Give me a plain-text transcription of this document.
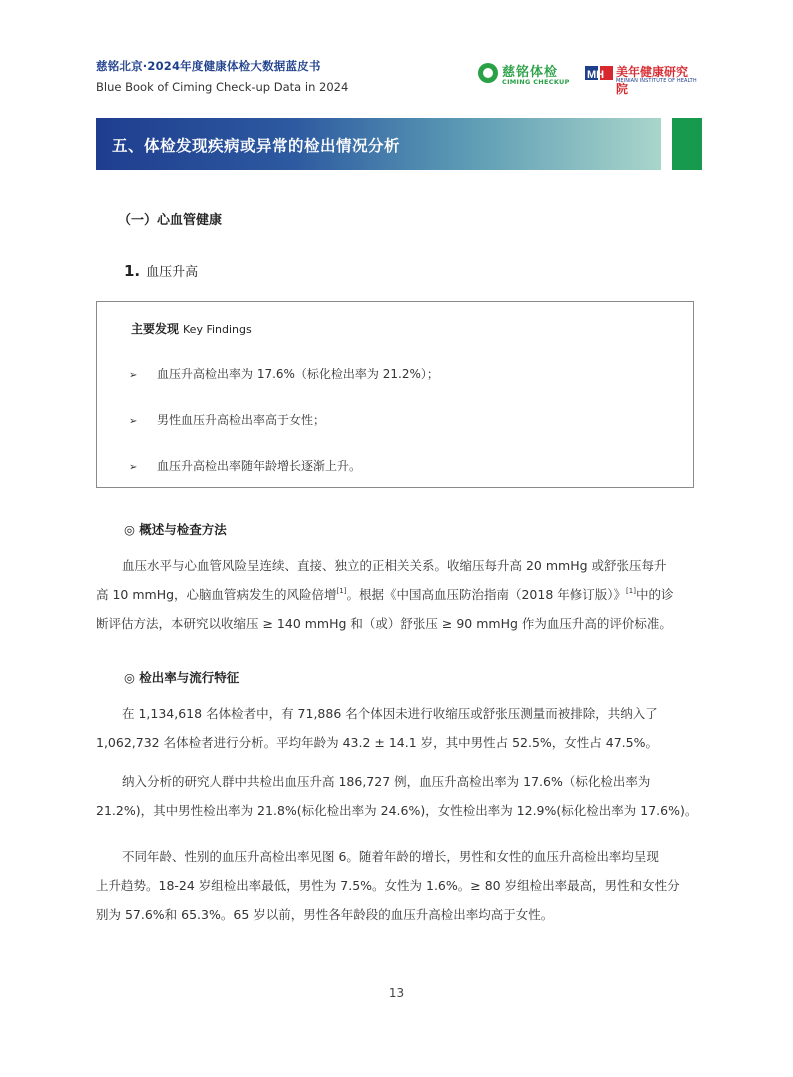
慈铭北京·2024年度健康体检大数据蓝皮书
Blue Book of Ciming Check-up Data in 2024
慈铭体检
CIMING CHECKUP
MH 美年健康研究院
MEINIAN INSTITUTE OF HEALTH
五、体检发现疾病或异常的检出情况分析
（一）心血管健康
1. 血压升高
主要发现 Key Findings
➢ 血压升高检出率为 17.6%（标化检出率为 21.2%）；
➢ 男性血压升高检出率高于女性；
➢ 血压升高检出率随年龄增长逐渐上升。
◎ 概述与检查方法
血压水平与心血管风险呈连续、直接、独立的正相关关系。收缩压每升高 20 mmHg 或舒张压每升
高 10 mmHg，心脑血管病发生的风险倍增[1]。根据《中国高血压防治指南（2018 年修订版）》[1]中的诊
断评估方法，本研究以收缩压 ≥ 140 mmHg 和（或）舒张压 ≥ 90 mmHg 作为血压升高的评价标准。
◎ 检出率与流行特征
在 1,134,618 名体检者中，有 71,886 名个体因未进行收缩压或舒张压测量而被排除，共纳入了
1,062,732 名体检者进行分析。平均年龄为 43.2 ± 14.1 岁，其中男性占 52.5%，女性占 47.5%。
纳入分析的研究人群中共检出血压升高 186,727 例，血压升高检出率为 17.6%（标化检出率为
21.2%)，其中男性检出率为 21.8%(标化检出率为 24.6%)，女性检出率为 12.9%(标化检出率为 17.6%)。
不同年龄、性别的血压升高检出率见图 6。随着年龄的增长，男性和女性的血压升高检出率均呈现
上升趋势。18-24 岁组检出率最低，男性为 7.5%。女性为 1.6%。≥ 80 岁组检出率最高，男性和女性分
别为 57.6%和 65.3%。65 岁以前，男性各年龄段的血压升高检出率均高于女性。
13
